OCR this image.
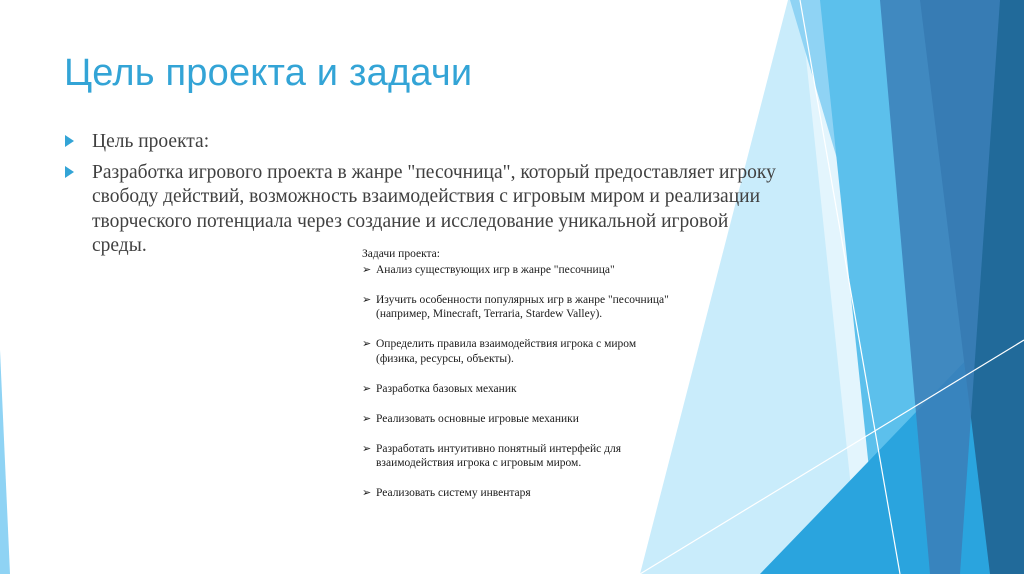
Цель проекта и задачи
Цель проекта:
Разработка игрового проекта в жанре "песочница", который предоставляет игроку свободу действий, возможность взаимодействия с игровым миром и реализации творческого потенциала через создание и исследование уникальной игровой среды.	Задачи проекта:

➢ Анализ существующих игр в жанре "песочница"
➢ Изучить особенности популярных игр в жанре "песочница" (например, Minecraft, Terraria, Stardew Valley).
➢ Определить правила взаимодействия игрока с миром (физика, ресурсы, объекты).
➢ Разработка базовых механик
➢ Реализовать основные игровые механики
➢ Разработать интуитивно понятный интерфейс для взаимодействия игрока с игровым миром.
➢ Реализовать систему инвентаря
